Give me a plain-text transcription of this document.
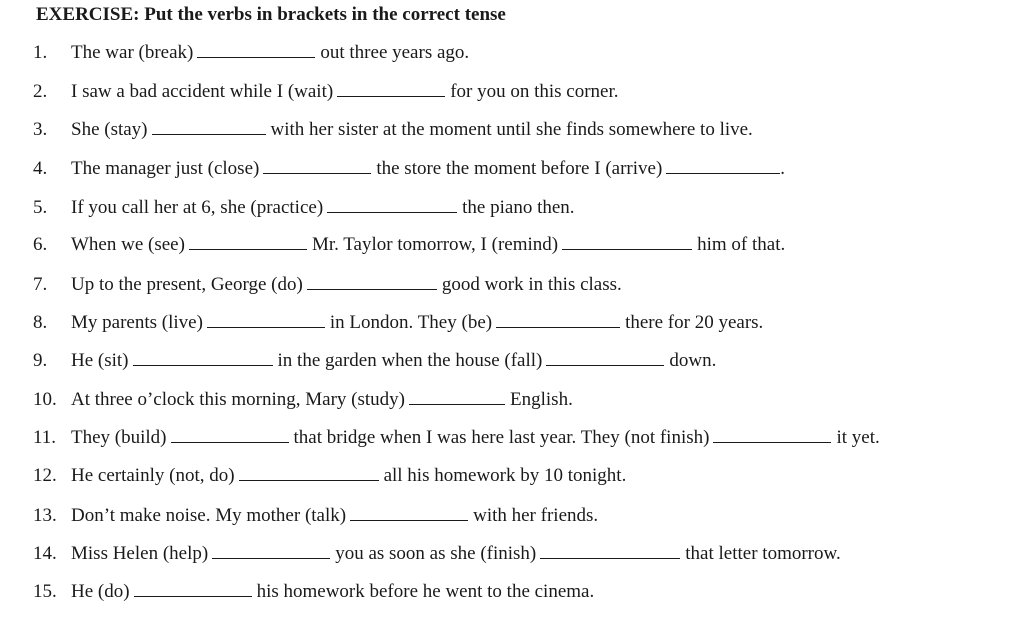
EXERCISE: Put the verbs in brackets in the correct tense
1. The war (break)	out three years ago.
2. I saw a bad accident while I (wait)	for you on this corner.
3. She (stay)	with her sister at the moment until she finds somewhere to live.
4. The manager just (close)	the store the moment before I (arrive)	.
5. If you call her at 6, she (practice)	the piano then.
6. When we (see)	Mr. Taylor tomorrow, I (remind)	him of that.
7. Up to the present, George (do)	good work in this class.
8. My parents (live)	in London. They (be)	there for 20 years.
9. He (sit)	in the garden when the house (fall)	down.
10. At three o’clock this morning, Mary (study)	English.
11. They (build)	that bridge when I was here last year. They (not finish)	it yet.
12. He certainly (not, do)	all his homework by 10 tonight.
13. Don’t make noise. My mother (talk)	with her friends.
14. Miss Helen (help)	you as soon as she (finish)	that letter tomorrow.
15. He (do)	his homework before he went to the cinema.
